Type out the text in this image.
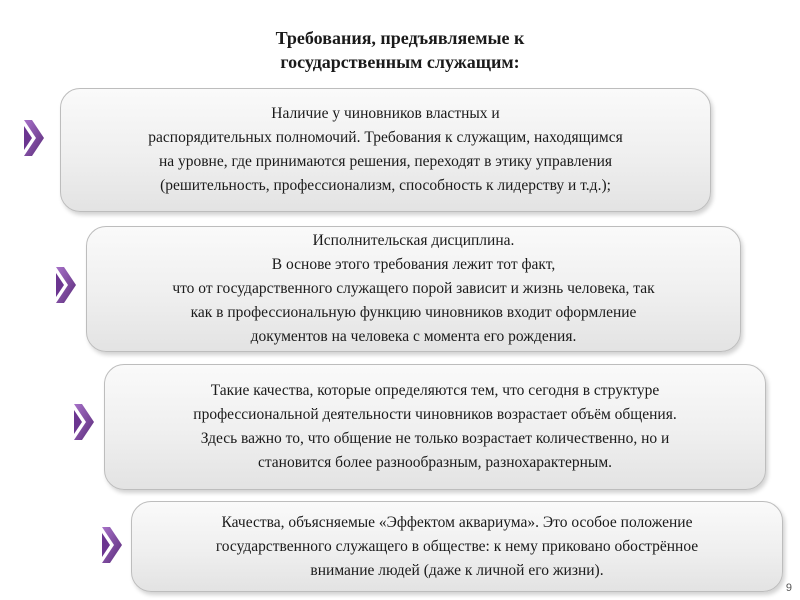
Требования, предъявляемые к
государственным служащим:
Наличие у чиновников властных и
распорядительных полномочий. Требования к служащим, находящимся
на уровне, где принимаются решения, переходят в этику управления
(решительность, профессионализм, способность к лидерству и т.д.);
Исполнительская дисциплина.
В основе этого требования лежит тот факт,
что от государственного служащего порой зависит и жизнь человека, так
как в профессиональную функцию чиновников входит оформление
документов на человека с момента его рождения.
Такие качества, которые определяются тем, что сегодня в структуре
профессиональной деятельности чиновников возрастает объём общения.
Здесь важно то, что общение не только возрастает количественно, но и
становится более разнообразным, разнохарактерным.
Качества, объясняемые «Эффектом аквариума». Это особое положение
государственного служащего в обществе: к нему приковано обострённое
внимание людей (даже к личной его жизни).
9
